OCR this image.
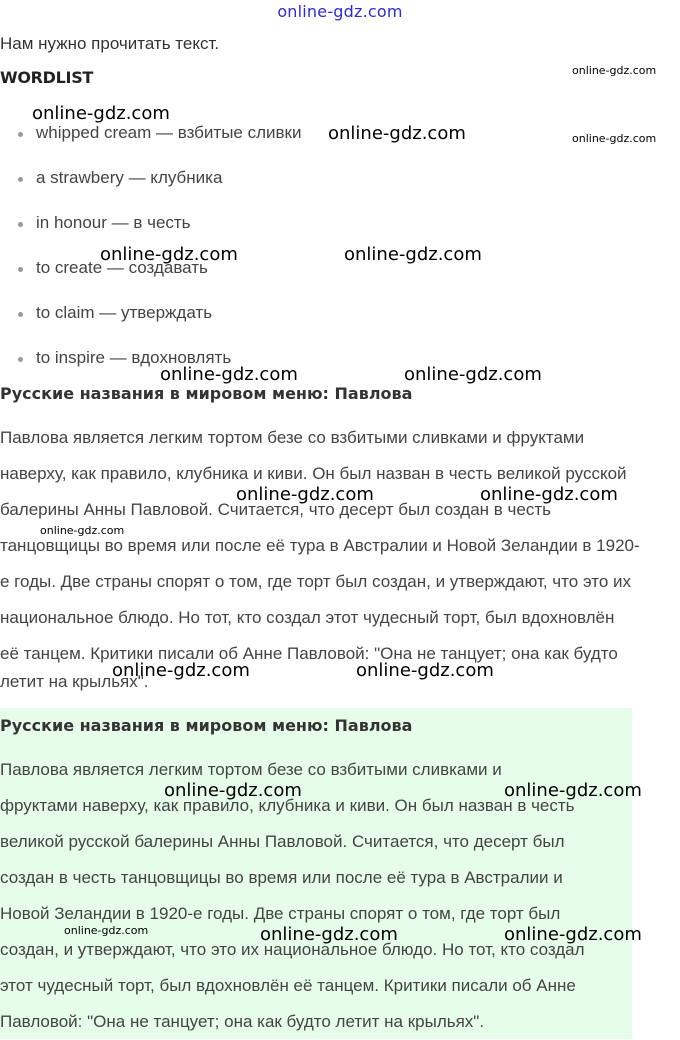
online-gdz.com
Нам нужно прочитать текст.
WORDLIST
whipped cream — взбитые сливки
a strawbery — клубника
in honour — в честь
to create — создавать
to claim — утверждать
to inspire — вдохновлять
Русские названия в мировом меню: Павлова
Павлова является легким тортом безе со взбитыми сливками и фруктами
наверху, как правило, клубника и киви. Он был назван в честь великой русской
балерины Анны Павловой. Считается, что десерт был создан в честь
танцовщицы во время или после её тура в Австралии и Новой Зеландии в 1920-
е годы. Две страны спорят о том, где торт был создан, и утверждают, что это их
национальное блюдо. Но тот, кто создал этот чудесный торт, был вдохновлён
её танцем. Критики писали об Анне Павловой: "Она не танцует; она как будто
летит на крыльях".
Русские названия в мировом меню: Павлова
Павлова является легким тортом безе со взбитыми сливками и
фруктами наверху, как правило, клубника и киви. Он был назван в честь
великой русской балерины Анны Павловой. Считается, что десерт был
создан в честь танцовщицы во время или после её тура в Австралии и
Новой Зеландии в 1920-е годы. Две страны спорят о том, где торт был
создан, и утверждают, что это их национальное блюдо. Но тот, кто создал
этот чудесный торт, был вдохновлён её танцем. Критики писали об Анне
Павловой: "Она не танцует; она как будто летит на крыльях".
online-gdz.com
online-gdz.com
online-gdz.com	online-gdz.com
online-gdz.com	online-gdz.com
online-gdz.com	online-gdz.com
online-gdz.com	online-gdz.com
online-gdz.com
online-gdz.com	online-gdz.com
online-gdz.com	online-gdz.com
online-gdz.com	online-gdz.com	online-gdz.com
